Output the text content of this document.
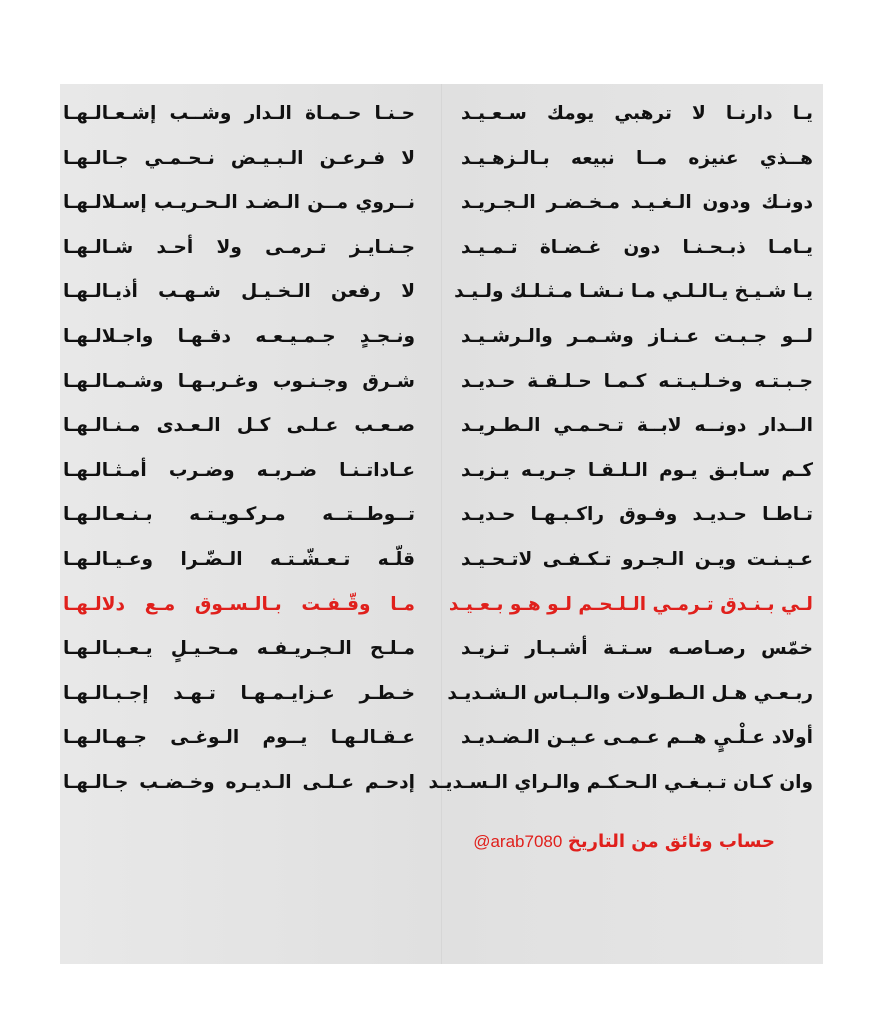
يـا دارنـا لا ترهبي يومك سـعـيـد
هــذي عنيزه مــا نبيعه بـالـزهـيـد
دونـك ودون الـغـيـد مـخـضـر الـجـريـد
يـامـا ذبـحـنـا دون غـضـاة تـمـيـد
يـا شـيـخ يـالـلـي مـا نـشـا مـثـلـك ولـيـد
لــو جـبـت عـنـاز وشـمـر والـرشـيـد
جـبـتـه وخـلـيـتـه كـمـا حـلـقـة حـديـد
الــدار دونــه لابــة تـحـمـي الـطـريـد
كـم سـابـق يـوم الـلـقـا جـريـه يـزيـد
تـاطـا حـديـد وفـوق راكـبـهـا حـديـد
عـيـنـت ويـن الـجـرو تـكـفـى لاتـحـيـد
لـي بـنـدق تـرمـي الـلـحـم لـو هـو بـعـيـد
خمّس رصـاصـه سـتـة أشـبـار تـزيـد
ربـعـي هـل الـطـولات والـبـاس الـشـديـد
أولاد عـلْـيٍ هــم عـمـى عـيـن الـضـديـد
وان كـان تـبـغـي الـحـكـم والـراي الـسـديـد
حـنـا حـمـاة الـدار وشــب إشـعـالـهـا
لا فـرعـن الـبـيـض نـحـمـي جـالـهـا
نــروي مــن الـضـد الـحـريـب إسـلالـهـا
جـنـايـز تـرمـى ولا أحـد شـالـهـا
لا رفعن الـخـيـل شـهـب أذيـالـهـا
ونـجـدٍ جـمـيـعـه دقـهـا واجـلالـهـا
شـرق وجـنـوب وغـربـهـا وشـمـالـهـا
صـعـب عـلـى كـل الـعـدى مـنـالـهـا
عـاداتـنـا ضـربـه وضـرب أمـثـالـهـا
تــوطــتــه مـركـويـتـه بـنـعـالـهـا
قلّـه تـعـشّـتـه الـضّـرا وعـيـالـهـا
مـا وقّـفـت بـالـسـوق مـع دلالـهـا
مـلـح الـجـريـفـه مـحـيـلٍ يـعـبـالـهـا
خـطـر عـزايـمـهـا تـهـد إجـبـالـهـا
عـقـالـهـا يــوم الـوغـى جـهـالـهـا
إدحـم عـلـى الـديـره وخـضـب جـالـهـا
@arab7080 حساب وثائق من التاريخ
